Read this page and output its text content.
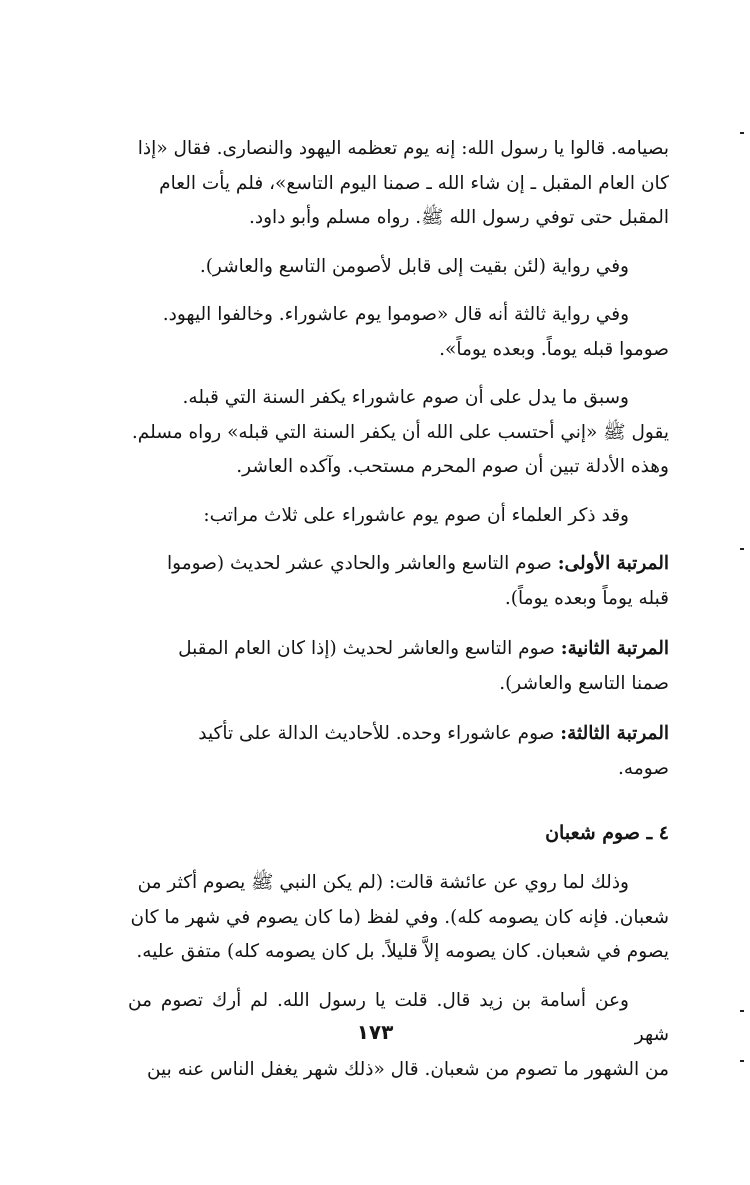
بصيامه. قالوا يا رسول الله: إنه يوم تعظمه اليهود والنصارى. فقال «إذا

كان العام المقبل ـ إن شاء الله ـ صمنا اليوم التاسع»، فلم يأت العام

المقبل حتى توفي رسول الله ﷺ. رواه مسلم وأبو داود.

وفي رواية (لئن بقيت إلى قابل لأصومن التاسع والعاشر).

وفي رواية ثالثة أنه قال «صوموا يوم عاشوراء. وخالفوا اليهود.

صوموا قبله يوماً. وبعده يوماً».

وسبق ما يدل على أن صوم عاشوراء يكفر السنة التي قبله.

يقول ﷺ «إني أحتسب على الله أن يكفر السنة التي قبله» رواه مسلم.

وهذه الأدلة تبين أن صوم المحرم مستحب. وآكده العاشر.

وقد ذكر العلماء أن صوم يوم عاشوراء على ثلاث مراتب:

المرتبة الأولى: صوم التاسع والعاشر والحادي عشر لحديث (صوموا

قبله يوماً وبعده يوماً).

المرتبة الثانية: صوم التاسع والعاشر لحديث (إذا كان العام المقبل

صمنا التاسع والعاشر).

المرتبة الثالثة: صوم عاشوراء وحده. للأحاديث الدالة على تأكيد

صومه.

٤ ـ صوم شعبان

وذلك لما روي عن عائشة قالت: (لم يكن النبي ﷺ يصوم أكثر من

شعبان. فإنه كان يصومه كله). وفي لفظ (ما كان يصوم في شهر ما كان

يصوم في شعبان. كان يصومه إلاَّ قليلاً. بل كان يصومه كله) متفق عليه.

وعن أسامة بن زيد قال. قلت يا رسول الله. لم أرك تصوم من شهر

من الشهور ما تصوم من شعبان. قال «ذلك شهر يغفل الناس عنه بين

١٧٣
